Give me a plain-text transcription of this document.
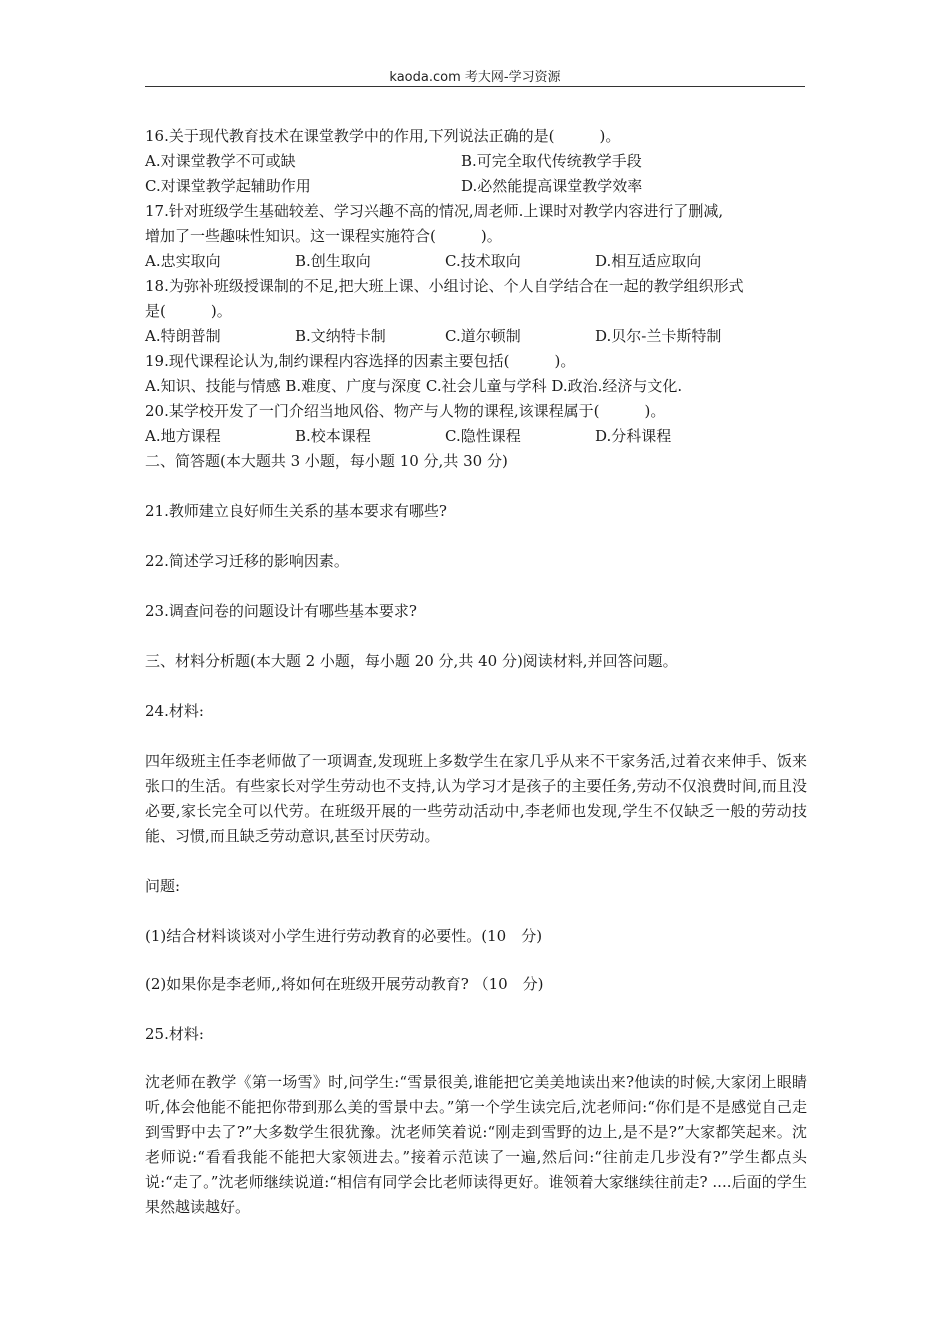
kaoda.com 考大网-学习资源
16.关于现代教育技术在课堂教学中的作用,下列说法正确的是(　　　)。
A.对课堂教学不可或缺	B.可完全取代传统教学手段
C.对课堂教学起辅助作用	D.必然能提高课堂教学效率
17.针对班级学生基础较差、学习兴趣不高的情况,周老师.上课时对教学内容进行了删减,
增加了一些趣味性知识。这一课程实施符合(　　　)。
A.忠实取向	B.创生取向	C.技术取向	D.相互适应取向
18.为弥补班级授课制的不足,把大班上课、小组讨论、个人自学结合在一起的教学组织形式
是(　　　)。
A.特朗普制	B.文纳特卡制	C.道尔顿制	D.贝尔-兰卡斯特制
19.现代课程论认为,制约课程内容选择的因素主要包括(　　　)。
A.知识、技能与情感 B.难度、广度与深度 C.社会儿童与学科 D.政治.经济与文化.
20.某学校开发了一门介绍当地风俗、物产与人物的课程,该课程属于(　　　)。
A.地方课程	B.校本课程	C.隐性课程	D.分科课程
二、简答题(本大题共 3 小题，每小题 10 分,共 30 分)
21.教师建立良好师生关系的基本要求有哪些?
22.简述学习迁移的影响因素。
23.调查问卷的问题设计有哪些基本要求?
三、材料分析题(本大题 2 小题，每小题 20 分,共 40 分)阅读材料,并回答问题。
24.材料:
四年级班主任李老师做了一项调查,发现班上多数学生在家几乎从来不干家务活,过着衣来伸手、饭来张口的生活。有些家长对学生劳动也不支持,认为学习才是孩子的主要任务,劳动不仅浪费时间,而且没必要,家长完全可以代劳。在班级开展的一些劳动活动中,李老师也发现,学生不仅缺乏一般的劳动技能、习惯,而且缺乏劳动意识,甚至讨厌劳动。
问题:
(1)结合材料谈谈对小学生进行劳动教育的必要性。(10　分)
(2)如果你是李老师,,将如何在班级开展劳动教育? （10　分)
25.材料:
沈老师在教学《第一场雪》时,问学生:“雪景很美,谁能把它美美地读出来?他读的时候,大家闭上眼睛听,体会他能不能把你带到那么美的雪景中去。”第一个学生读完后,沈老师问:“你们是不是感觉自己走到雪野中去了?”大多数学生很犹豫。沈老师笑着说:“刚走到雪野的边上,是不是?”大家都笑起来。沈老师说:“看看我能不能把大家领进去。”接着示范读了一遍,然后问:“往前走几步没有?”学生都点头说:“走了。”沈老师继续说道:“相信有同学会比老师读得更好。谁领着大家继续往前走? ....后面的学生果然越读越好。
